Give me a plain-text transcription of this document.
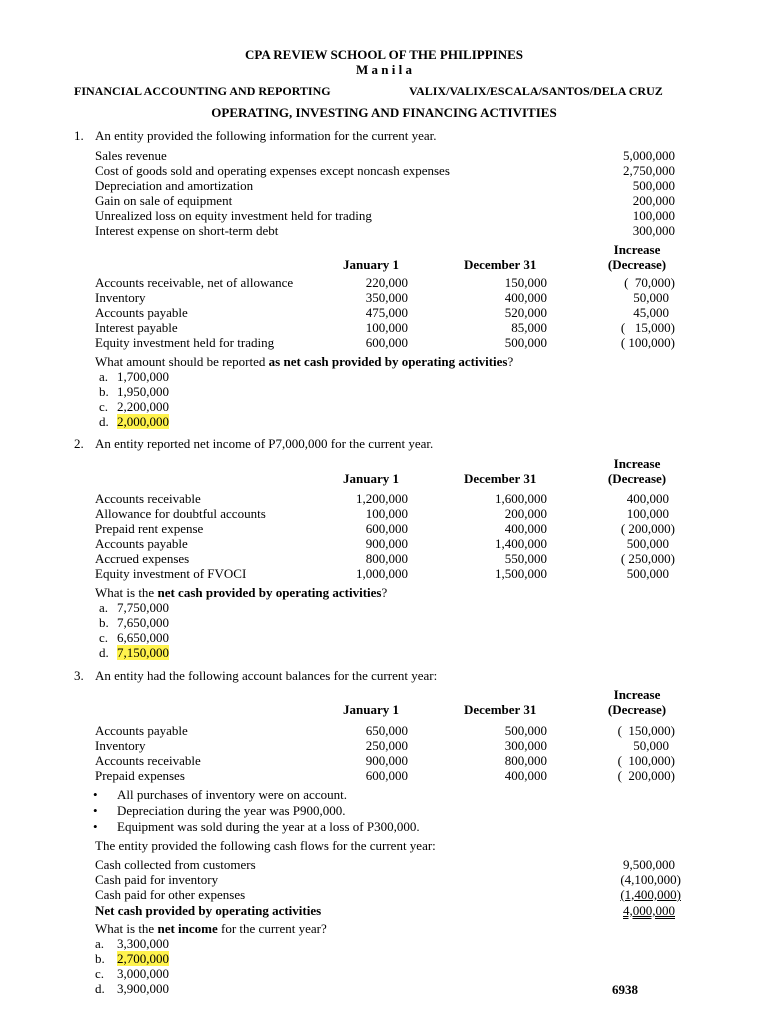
CPA REVIEW SCHOOL OF THE PHILIPPINES
M a n i l a
FINANCIAL ACCOUNTING AND REPORTING	VALIX/VALIX/ESCALA/SANTOS/DELA CRUZ
OPERATING, INVESTING AND FINANCING ACTIVITIES
1. An entity provided the following information for the current year.
Sales revenue	5,000,000
Cost of goods sold and operating expenses except noncash expenses	2,750,000
Depreciation and amortization	500,000
Gain on sale of equipment	200,000
Unrealized loss on equity investment held for trading	100,000
Interest expense on short-term debt	300,000
Increase
January 1	December 31	(Decrease)
Accounts receivable, net of allowance	220,000	150,000	(  70,000)
Inventory	350,000	400,000	50,000
Accounts payable	475,000	520,000	45,000
Interest payable	100,000	85,000	(   15,000)
Equity investment held for trading	600,000	500,000	( 100,000)
What amount should be reported as net cash provided by operating activities?
a. 1,700,000
b. 1,950,000
c. 2,200,000
d. 2,000,000
2. An entity reported net income of P7,000,000 for the current year.
Increase
January 1	December 31	(Decrease)
Accounts receivable	1,200,000	1,600,000	400,000
Allowance for doubtful accounts	100,000	200,000	100,000
Prepaid rent expense	600,000	400,000	( 200,000)
Accounts payable	900,000	1,400,000	500,000
Accrued expenses	800,000	550,000	( 250,000)
Equity investment of FVOCI	1,000,000	1,500,000	500,000
What is the net cash provided by operating activities?
a. 7,750,000
b. 7,650,000
c. 6,650,000
d. 7,150,000
3. An entity had the following account balances for the current year:
Increase
January 1	December 31	(Decrease)
Accounts payable	650,000	500,000	(  150,000)
Inventory	250,000	300,000	50,000
Accounts receivable	900,000	800,000	(  100,000)
Prepaid expenses	600,000	400,000	(  200,000)
• All purchases of inventory were on account.
• Depreciation during the year was P900,000.
• Equipment was sold during the year at a loss of P300,000.
The entity provided the following cash flows for the current year:
Cash collected from customers	9,500,000
Cash paid for inventory	(4,100,000)
Cash paid for other expenses	(1,400,000)
Net cash provided by operating activities	4,000,000
What is the net income for the current year?
a. 3,300,000
b. 2,700,000
c. 3,000,000
d. 3,900,000	6938
